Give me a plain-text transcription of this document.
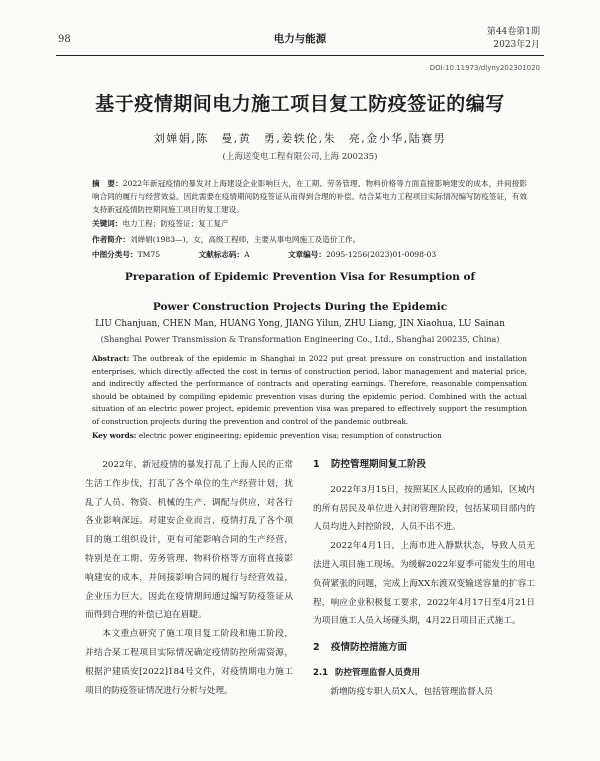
98	电力与能源
第44卷第1期
2023年2月
DOI:10.11973/dlyny202301020
基于疫情期间电力施工项目复工防疫签证的编写
刘婵娟,陈　曼,黄　勇,姜轶伦,朱　亮,金小华,陆赛男
(上海送变电工程有限公司,上海 200235)
摘　要：2022年新冠疫情的暴发对上海建设企业影响巨大，在工期、劳务管理、物料价格等方面直接影响建安的成本，并间接影响合同的履行与经营效益。因此需要在疫情期间防疫签证从而得到合理的补偿。结合某电力工程项目实际情况编写防疫签证，有效支持新冠疫情防控期间施工项目的复工建设。
关键词：电力工程；防疫签证；复工复产
作者简介：刘婵娟(1983—)，女，高级工程师，主要从事电网施工及造价工作。
中图分类号：TM75	文献标志码：A	文章编号：2095-1256(2023)01-0098-03
Preparation of Epidemic Prevention Visa for Resumption of
Power Construction Projects During the Epidemic
LIU Chanjuan, CHEN Man, HUANG Yong, JIANG Yilun, ZHU Liang, JIN Xiaohua, LU Sainan
(Shanghai Power Transmission & Transformation Engineering Co., Ltd., Shanghai 200235, China)
Abstract: The outbreak of the epidemic in Shanghai in 2022 put great pressure on construction and installation enterprises, which directly affected the cost in terms of construction period, labor management and material price, and indirectly affected the performance of contracts and operating earnings. Therefore, reasonable compensation should be obtained by compiling epidemic prevention visas during the epidemic period. Combined with the actual situation of an electric power project, epidemic prevention visa was prepared to effectively support the resumption of construction projects during the prevention and control of the pandemic outbreak.
Key words: electric power engineering; epidemic prevention visa; resumption of construction

2022年，新冠疫情的暴发打乱了上海人民的正常生活工作步伐，打乱了各个单位的生产经营计划，扰乱了人员、物资、机械的生产、调配与供应，对各行各业影响深远。对建安企业而言，疫情打乱了各个项目的施工组织设计，更有可能影响合同的生产经营，特别是在工期、劳务管理、物料价格等方面将直接影响建安的成本，并间接影响合同的履行与经营效益，企业压力巨大。因此在疫情期间通过编写防疫签证从而得到合理的补偿已迫在眉睫。

本文重点研究了施工项目复工阶段和施工阶段，并结合某工程项目实际情况确定疫情防控所需资源，根据沪建质安[2022]184号文件，对疫情期电力施工项目的防疫签证情况进行分析与处理。

1 防控管理期间复工阶段

2022年3月15日，按照某区人民政府的通知，区域内的所有居民及单位进入封闭管理阶段，包括某项目部内的人员均进入封控阶段，人员不出不进。

2022年4月1日，上海市进入静默状态，导致人员无法进入项目施工现场。为缓解2022年夏季可能发生的用电负荷紧张的问题，完成上海XX东渡双变输送容量的扩容工程，响应企业积极复工要求，2022年4月17日至4月21日为项目施工人员入场碰头期，4月22日项目正式施工。

2 疫情防控措施方面

2.1 防控管理监督人员费用

新增防疫专职人员X人，包括管理监督人员
